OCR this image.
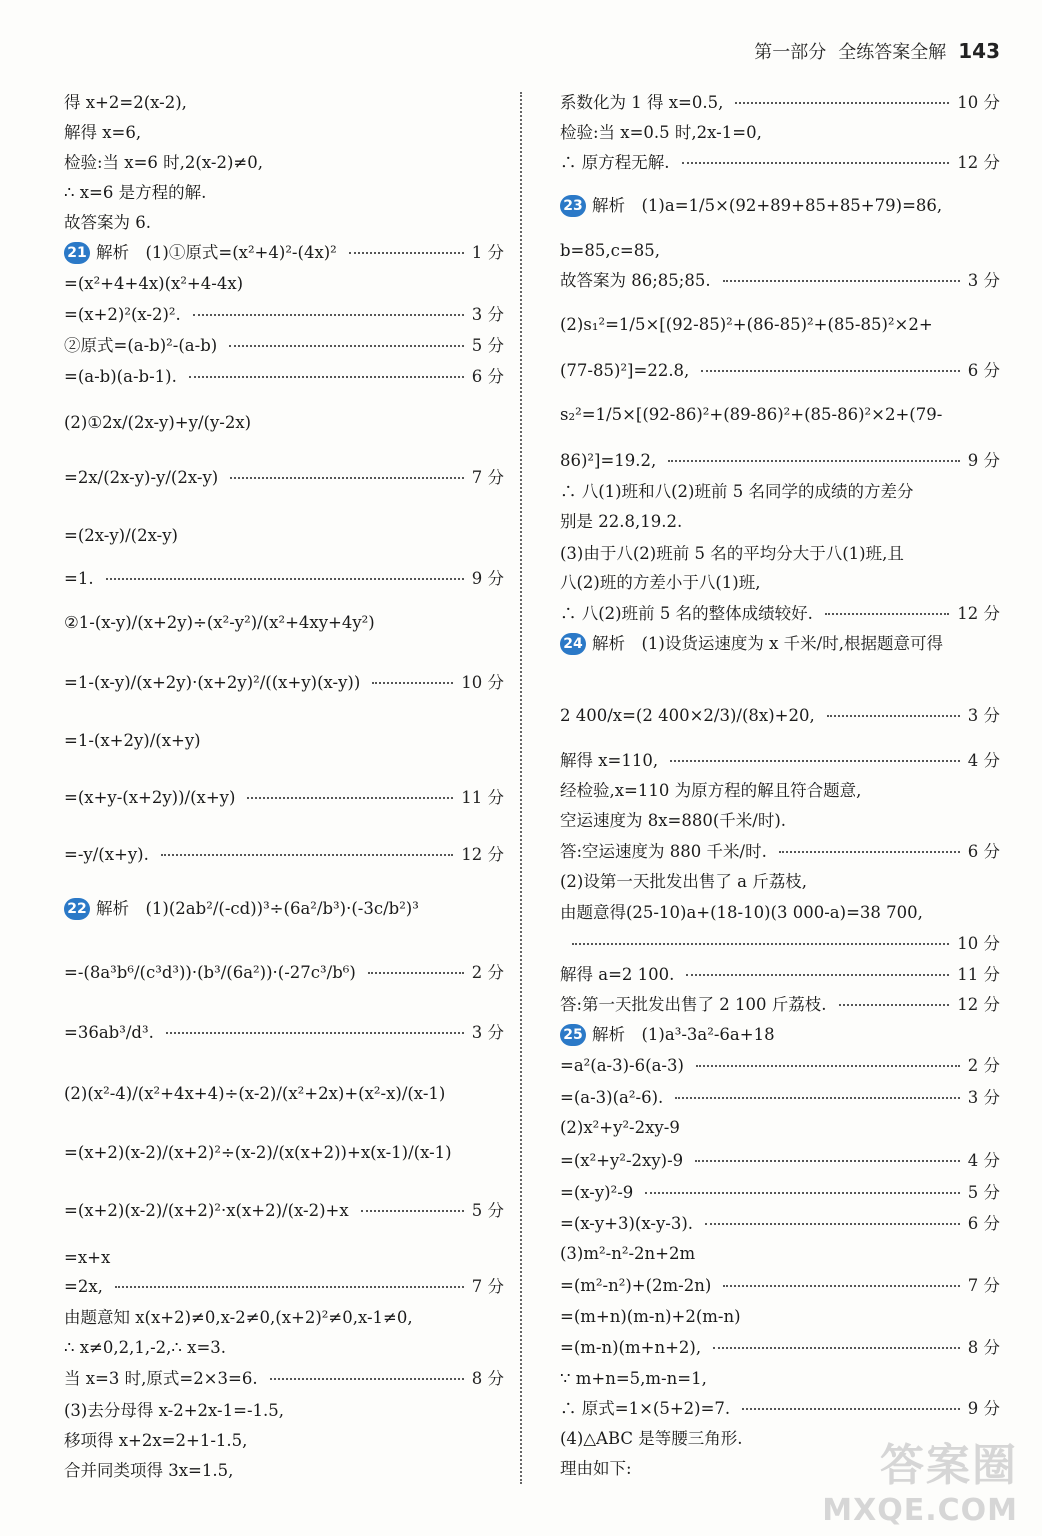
第一部分 全练答案全解 143
得 x+2=2(x-2),
解得 x=6,
检验:当 x=6 时,2(x-2)≠0,
∴ x=6 是方程的解.
故答案为 6.
21 解析　(1)①原式=(x²+4)²-(4x)²	1 分
=(x²+4+4x)(x²+4-4x)
=(x+2)²(x-2)².	3 分
②原式=(a-b)²-(a-b)	5 分
=(a-b)(a-b-1).	6 分
(2)①2x/(2x-y)+y/(y-2x)
=2x/(2x-y)-y/(2x-y)	7 分
=(2x-y)/(2x-y)
=1.	9 分
②1-(x-y)/(x+2y)÷(x²-y²)/(x²+4xy+4y²)
=1-(x-y)/(x+2y)·(x+2y)²/((x+y)(x-y))	10 分
=1-(x+2y)/(x+y)
=(x+y-(x+2y))/(x+y)	11 分
=-y/(x+y).	12 分
22 解析　(1)(2ab²/(-cd))³÷(6a²/b³)·(-3c/b²)³
=-(8a³b⁶/(c³d³))·(b³/(6a²))·(-27c³/b⁶)	2 分
=36ab³/d³.	3 分
(2)(x²-4)/(x²+4x+4)÷(x-2)/(x²+2x)+(x²-x)/(x-1)
=(x+2)(x-2)/(x+2)²÷(x-2)/(x(x+2))+x(x-1)/(x-1)
=(x+2)(x-2)/(x+2)²·x(x+2)/(x-2)+x	5 分
=x+x
=2x,	7 分
由题意知 x(x+2)≠0,x-2≠0,(x+2)²≠0,x-1≠0,
∴ x≠0,2,1,-2,∴ x=3.
当 x=3 时,原式=2×3=6.	8 分
(3)去分母得 x-2+2x-1=-1.5,
移项得 x+2x=2+1-1.5,
合并同类项得 3x=1.5,
系数化为 1 得 x=0.5,	10 分
检验:当 x=0.5 时,2x-1=0,
∴ 原方程无解.	12 分
23 解析　(1)a=1/5×(92+89+85+85+79)=86,
b=85,c=85,
故答案为 86;85;85.	3 分
(2)s₁²=1/5×[(92-85)²+(86-85)²+(85-85)²×2+
(77-85)²]=22.8,	6 分
s₂²=1/5×[(92-86)²+(89-86)²+(85-86)²×2+(79-
86)²]=19.2,	9 分
∴ 八(1)班和八(2)班前 5 名同学的成绩的方差分
别是 22.8,19.2.
(3)由于八(2)班前 5 名的平均分大于八(1)班,且
八(2)班的方差小于八(1)班,
∴ 八(2)班前 5 名的整体成绩较好.	12 分
24 解析　(1)设货运速度为 x 千米/时,根据题意可得
2 400/x=(2 400×2/3)/(8x)+20,	3 分
解得 x=110,	4 分
经检验,x=110 为原方程的解且符合题意,
空运速度为 8x=880(千米/时).
答:空运速度为 880 千米/时.	6 分
(2)设第一天批发出售了 a 斤荔枝,
由题意得(25-10)a+(18-10)(3 000-a)=38 700,
10 分
解得 a=2 100.	11 分
答:第一天批发出售了 2 100 斤荔枝.	12 分
25 解析　(1)a³-3a²-6a+18
=a²(a-3)-6(a-3)	2 分
=(a-3)(a²-6).	3 分
(2)x²+y²-2xy-9
=(x²+y²-2xy)-9	4 分
=(x-y)²-9	5 分
=(x-y+3)(x-y-3).	6 分
(3)m²-n²-2n+2m
=(m²-n²)+(2m-2n)	7 分
=(m+n)(m-n)+2(m-n)
=(m-n)(m+n+2),	8 分
∵ m+n=5,m-n=1,
∴ 原式=1×(5+2)=7.	9 分
(4)△ABC 是等腰三角形.
理由如下:	答案圈
MXQE.COM
